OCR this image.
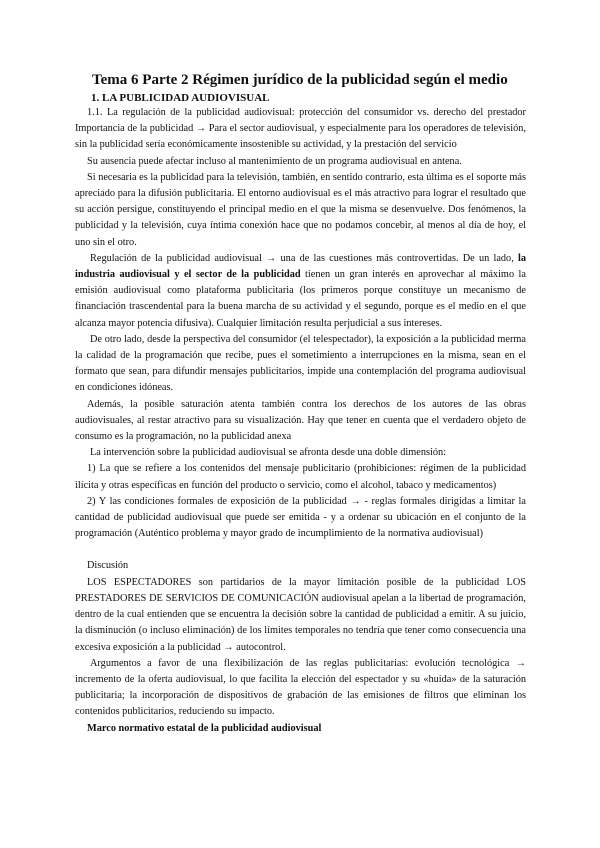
Tema 6 Parte 2 Régimen jurídico de la publicidad según el medio
1. LA PUBLICIDAD AUDIOVISUAL

1.1. La regulación de la publicidad audiovisual: protección del consumidor vs. derecho del prestador Importancia de la publicidad → Para el sector audiovisual, y especialmente para los operadores de televisión, sin la publicidad sería económicamente insostenible su actividad, y la prestación del servicio

Su ausencia puede afectar incluso al mantenimiento de un programa audiovisual en antena.

Si necesaria es la publicidad para la televisión, también, en sentido contrario, esta última es el soporte más apreciado para la difusión publicitaria. El entorno audiovisual es el más atractivo para lograr el resultado que su acción persigue, constituyendo el principal medio en el que la misma se desenvuelve. Dos fenómenos, la publicidad y la televisión, cuya íntima conexión hace que no podamos concebir, al menos al día de hoy, el uno sin el otro.

Regulación de la publicidad audiovisual → una de las cuestiones más controvertidas. De un lado, la industria audiovisual y el sector de la publicidad tienen un gran interés en aprovechar al máximo la emisión audiovisual como plataforma publicitaria (los primeros porque constituye un mecanismo de financiación trascendental para la buena marcha de su actividad y el segundo, porque es el medio en el que alcanza mayor potencia difusiva). Cualquier limitación resulta perjudicial a sus intereses.

De otro lado, desde la perspectiva del consumidor (el telespectador), la exposición a la publicidad merma la calidad de la programación que recibe, pues el sometimiento a interrupciones en la misma, sean en el formato que sean, para difundir mensajes publicitarios, impide una contemplación del programa audiovisual en condiciones idóneas.

Además, la posible saturación atenta también contra los derechos de los autores de las obras audiovisuales, al restar atractivo para su visualización. Hay que tener en cuenta que el verdadero objeto de consumo es la programación, no la publicidad anexa

La intervención sobre la publicidad audiovisual se afronta desde una doble dimensión:

1) La que se refiere a los contenidos del mensaje publicitario (prohibiciones: régimen de la publicidad ilícita y otras específicas en función del producto o servicio, como el alcohol, tabaco y medicamentos)

2) Y las condiciones formales de exposición de la publicidad → - reglas formales dirigidas a limitar la cantidad de publicidad audiovisual que puede ser emitida - y a ordenar su ubicación en el conjunto de la programación (Auténtico problema y mayor grado de incumplimiento de la normativa audiovisual)

Discusión

LOS ESPECTADORES son partidarios de la mayor limitación posible de la publicidad LOS PRESTADORES DE SERVICIOS DE COMUNICACIÓN audiovisual apelan a la libertad de programación, dentro de la cual entienden que se encuentra la decisión sobre la cantidad de publicidad a emitir. A su juicio, la disminución (o incluso eliminación) de los límites temporales no tendría que tener como consecuencia una excesiva exposición a la publicidad → autocontrol.

Argumentos a favor de una flexibilización de las reglas publicitarias: evolución tecnológica → incremento de la oferta audiovisual, lo que facilita la elección del espectador y su «huida» de la saturación publicitaria; la incorporación de dispositivos de grabación de las emisiones de filtros que eliminan los contenidos publicitarios, reduciendo su impacto.

Marco normativo estatal de la publicidad audiovisual
